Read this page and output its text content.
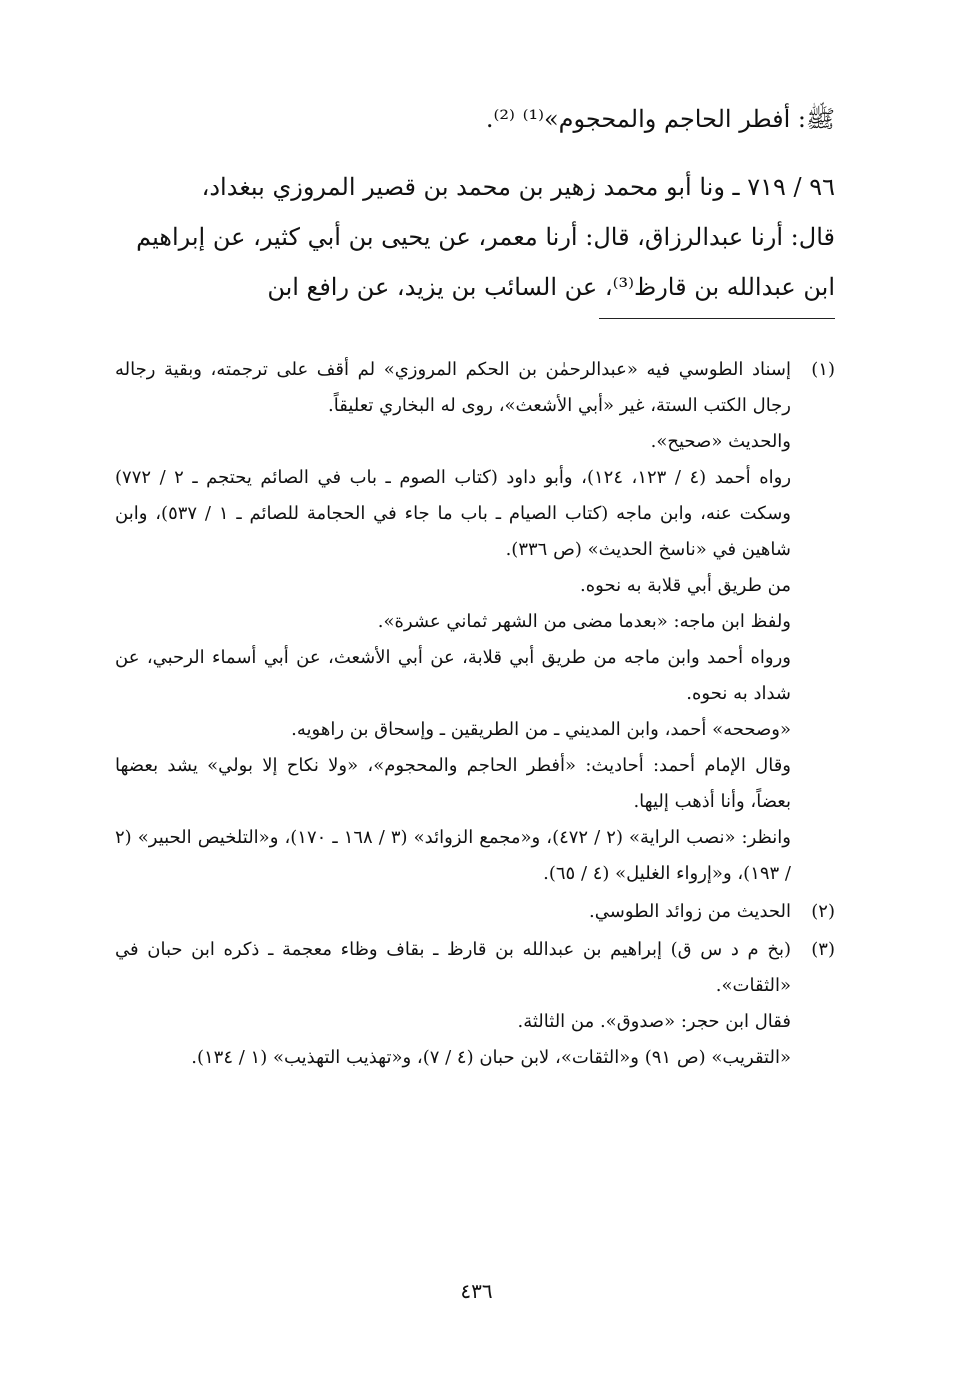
ﷺ: أفطر الحاجم والمحجوم»⁽¹⁾ ⁽²⁾.

٩٦ / ٧١٩ ـ ونا أبو محمد زهير بن محمد بن قصير المروزي ببغداد،

قال: أرنا عبدالرزاق، قال: أرنا معمر، عن يحيى بن أبي كثير، عن إبراهيم

ابن عبدالله بن قارظ⁽³⁾، عن السائب بن يزيد، عن رافع ابن

(١)

إسناد الطوسي فيه «عبدالرحمٰن بن الحكم المروزي» لم أقف على ترجمته، وبقية رجاله رجال الكتب الستة، غير «أبي الأشعث»، روى له البخاري تعليقاً.

والحديث «صحيح».

رواه أحمد (٤ / ١٢٣، ١٢٤)، وأبو داود (كتاب الصوم ـ باب في الصائم يحتجم ـ ٢ / ٧٧٢) وسكت عنه، وابن ماجه (كتاب الصيام ـ باب ما جاء في الحجامة للصائم ـ ١ / ٥٣٧)، وابن شاهين في «ناسخ الحديث» (ص ٣٣٦).

من طريق أبي قلابة به نحوه.

ولفظ ابن ماجه: «بعدما مضى من الشهر ثماني عشرة».

ورواه أحمد وابن ماجه من طريق أبي قلابة، عن أبي الأشعث، عن أبي أسماء الرحبي، عن شداد به نحوه.

«وصححه» أحمد، وابن المديني ـ من الطريقين ـ وإسحاق بن راهويه.

وقال الإمام أحمد: أحاديث: «أفطر الحاجم والمحجوم»، «ولا نكاح إلا بولي» يشد بعضها بعضاً، وأنا أذهب إليها.

وانظر: «نصب الراية» (٢ / ٤٧٢)، و«مجمع الزوائد» (٣ / ١٦٨ ـ ١٧٠)، و«التلخيص الحبير» (٢ / ١٩٣)، و«إرواء الغليل» (٤ / ٦٥).

(٢)

الحديث من زوائد الطوسي.

(٣)

(بخ م د س ق) إبراهيم بن عبدالله بن قارظ ـ بقاف وظاء معجمة ـ ذكره ابن حبان في «الثقات».

فقال ابن حجر: «صدوق». من الثالثة.

«التقريب» (ص ٩١) و«الثقات»، لابن حبان (٤ / ٧)، و«تهذيب التهذيب» (١ / ١٣٤).

٤٣٦
